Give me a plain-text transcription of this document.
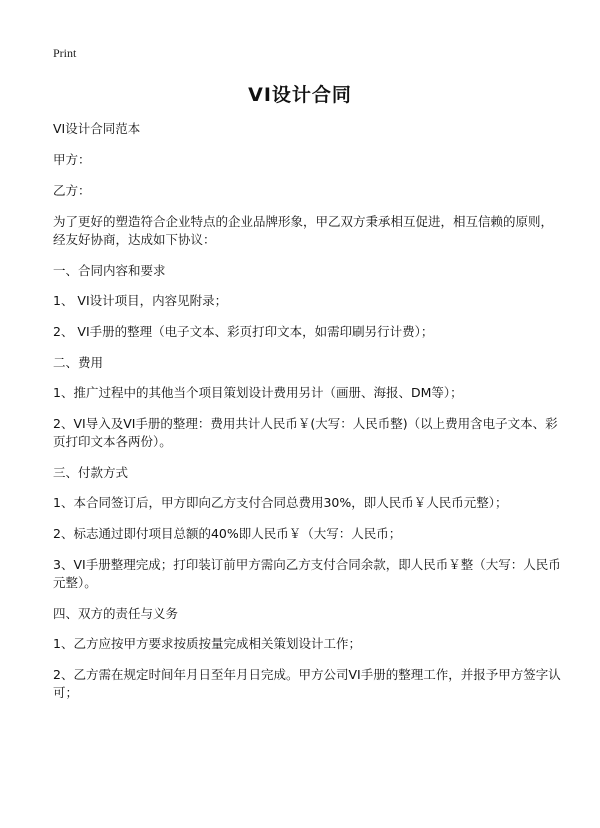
Print
VI设计合同

VI设计合同范本

甲方：

乙方：

为了更好的塑造符合企业特点的企业品牌形象，甲乙双方秉承相互促进，相互信赖的原则，经友好协商，达成如下协议：

一、合同内容和要求

1、 VI设计项目，内容见附录；

2、 VI手册的整理（电子文本、彩页打印文本，如需印刷另行计费）；

二、费用

1、推广过程中的其他当个项目策划设计费用另计（画册、海报、DM等）；

2、VI导入及VI手册的整理：费用共计人民币￥(大写：人民币整)（以上费用含电子文本、彩页打印文本各两份）。

三、付款方式

1、本合同签订后，甲方即向乙方支付合同总费用30%，即人民币￥人民币元整）；

2、标志通过即付项目总额的40%即人民币￥（大写：人民币；

3、VI手册整理完成；打印装订前甲方需向乙方支付合同余款，即人民币￥整（大写：人民币元整）。

四、双方的责任与义务

1、乙方应按甲方要求按质按量完成相关策划设计工作；

2、乙方需在规定时间年月日至年月日完成。甲方公司VI手册的整理工作，并报予甲方签字认可；
